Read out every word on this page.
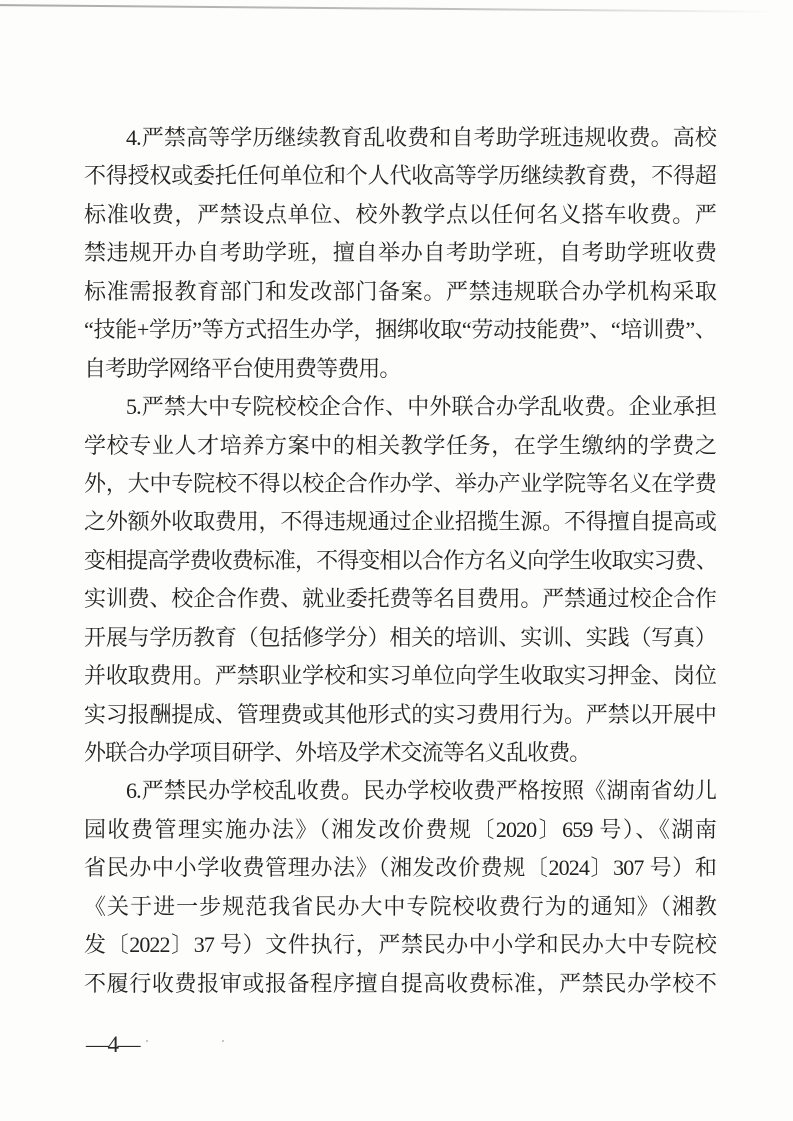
4.严禁高等学历继续教育乱收费和自考助学班违规收费。高校
不得授权或委托任何单位和个人代收高等学历继续教育费，不得超
标准收费，严禁设点单位、校外教学点以任何名义搭车收费。严
禁违规开办自考助学班，擅自举办自考助学班，自考助学班收费
标准需报教育部门和发改部门备案。严禁违规联合办学机构采取
“技能+学历”等方式招生办学，捆绑收取“劳动技能费”、“培训费”、
自考助学网络平台使用费等费用。
5.严禁大中专院校校企合作、中外联合办学乱收费。企业承担
学校专业人才培养方案中的相关教学任务，在学生缴纳的学费之
外，大中专院校不得以校企合作办学、举办产业学院等名义在学费
之外额外收取费用，不得违规通过企业招揽生源。不得擅自提高或
变相提高学费收费标准，不得变相以合作方名义向学生收取实习费、
实训费、校企合作费、就业委托费等名目费用。严禁通过校企合作
开展与学历教育（包括修学分）相关的培训、实训、实践（写真）
并收取费用。严禁职业学校和实习单位向学生收取实习押金、岗位
实习报酬提成、管理费或其他形式的实习费用行为。严禁以开展中
外联合办学项目研学、外培及学术交流等名义乱收费。
6.严禁民办学校乱收费。民办学校收费严格按照《湖南省幼儿
园收费管理实施办法》（湘发改价费规〔2020〕659 号）、《湖南
省民办中小学收费管理办法》（湘发改价费规〔2024〕307 号）和
《关于进一步规范我省民办大中专院校收费行为的通知》（湘教
发〔2022〕37 号）文件执行，严禁民办中小学和民办大中专院校
不履行收费报审或报备程序擅自提高收费标准，严禁民办学校不
—4—
